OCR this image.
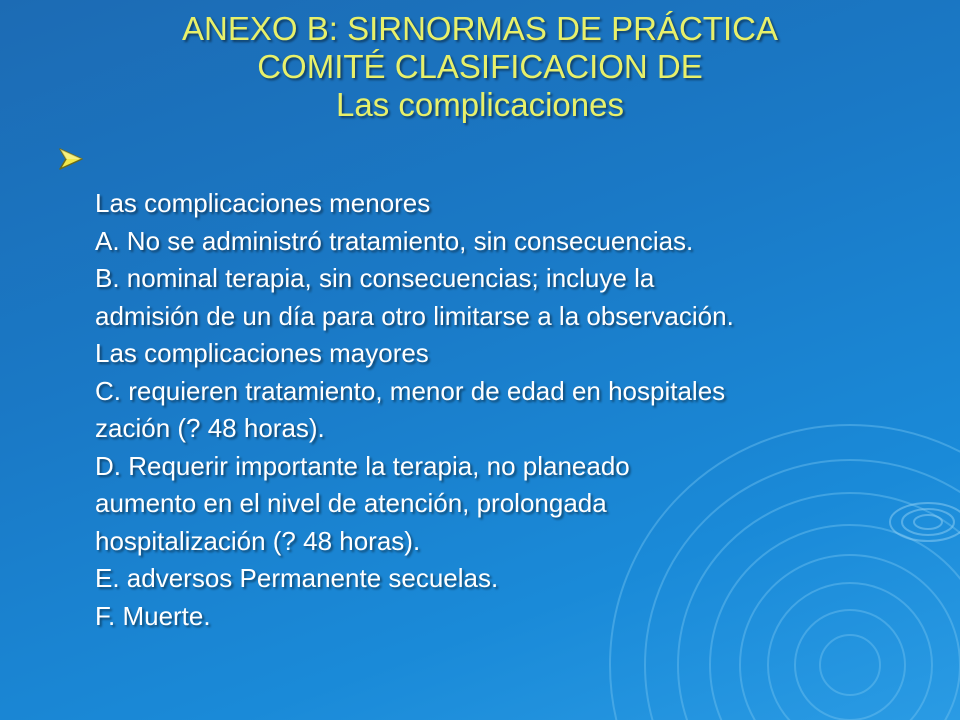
ANEXO B: SIRNORMAS DE PRÁCTICA
COMITÉ CLASIFICACION DE
Las complicaciones
Las complicaciones menores
A. No se administró tratamiento, sin consecuencias.
B. nominal terapia, sin consecuencias; incluye la
admisión de un día para otro limitarse a la observación.
Las complicaciones mayores
C. requieren tratamiento, menor de edad en hospitales
zación (? 48 horas).
D. Requerir importante la terapia, no planeado
aumento en el nivel de atención, prolongada
hospitalización (? 48 horas).
E. adversos Permanente secuelas.
F. Muerte.
